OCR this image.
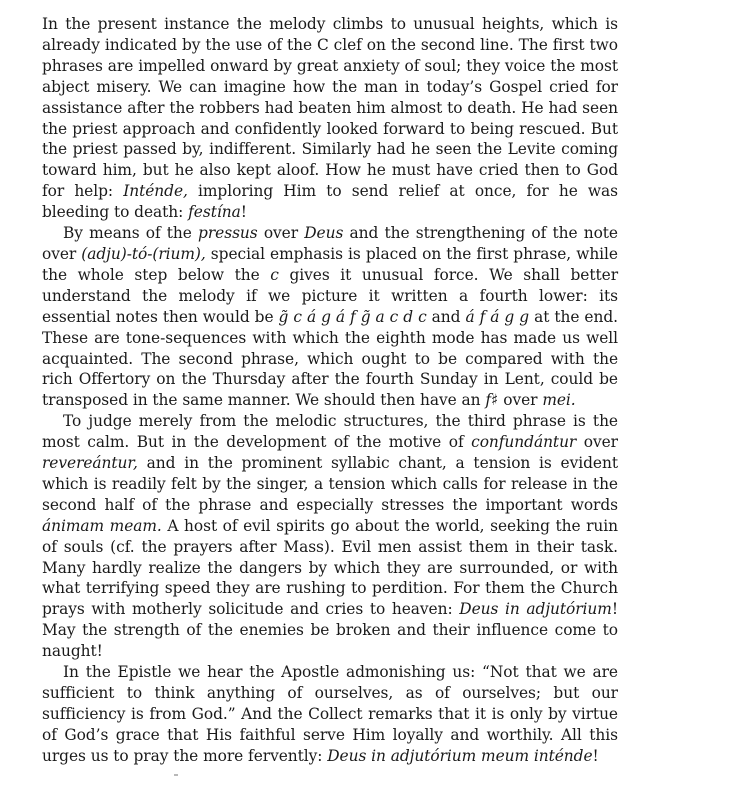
In the present instance the melody climbs to unusual heights, which is already indicated by the use of the C clef on the second line. The first two phrases are impelled onward by great anxiety of soul; they voice the most abject misery. We can imagine how the man in today’s Gospel cried for assistance after the robbers had beaten him almost to death. He had seen the priest approach and confidently looked forward to being rescued. But the priest passed by, indifferent. Similarly had he seen the Levite coming toward him, but he also kept aloof. How he must have cried then to God for help: Inténde, imploring Him to send relief at once, for he was bleeding to death: festína!

By means of the pressus over Deus and the strengthening of the note over (adju)-tó-(rium), special emphasis is placed on the first phrase, while the whole step below the c gives it unusual force. We shall better understand the melody if we picture it written a fourth lower: its essential notes then would be g̃ c á g á f g̃ a c d c and á f á g g at the end. These are tone-sequences with which the eighth mode has made us well acquainted. The second phrase, which ought to be compared with the rich Offertory on the Thursday after the fourth Sunday in Lent, could be transposed in the same manner. We should then have an f♯ over mei.

To judge merely from the melodic structures, the third phrase is the most calm. But in the development of the motive of confundántur over revereántur, and in the prominent syllabic chant, a tension is evident which is readily felt by the singer, a tension which calls for release in the second half of the phrase and especially stresses the important words ánimam meam. A host of evil spirits go about the world, seeking the ruin of souls (cf. the prayers after Mass). Evil men assist them in their task. Many hardly realize the dangers by which they are surrounded, or with what terrifying speed they are rushing to perdition. For them the Church prays with motherly solicitude and cries to heaven: Deus in adjutórium! May the strength of the enemies be broken and their influence come to naught!

In the Epistle we hear the Apostle admonishing us: “Not that we are sufficient to think anything of ourselves, as of ourselves; but our sufficiency is from God.” And the Collect remarks that it is only by virtue of God’s grace that His faithful serve Him loyally and worthily. All this urges us to pray the more fervently: Deus in adjutórium meum inténde!
